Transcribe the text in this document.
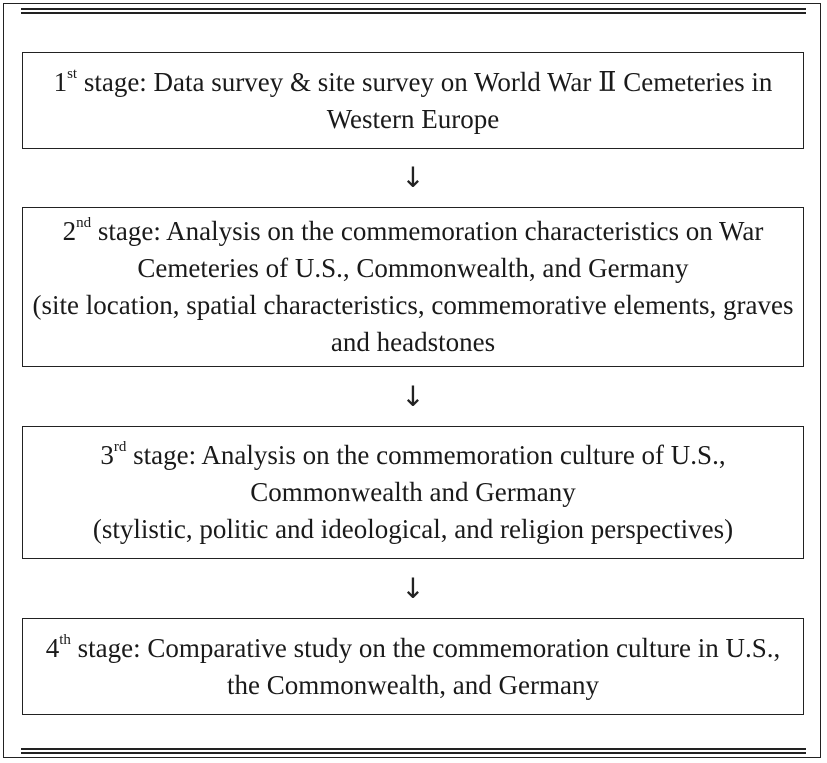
1st stage: Data survey & site survey on World War Ⅱ Cemeteries in
Western Europe
↓
2nd stage: Analysis on the commemoration characteristics on War
Cemeteries of U.S., Commonwealth, and Germany
(site location, spatial characteristics, commemorative elements, graves
and headstones
↓
3rd stage: Analysis on the commemoration culture of U.S.,
Commonwealth and Germany
(stylistic, politic and ideological, and religion perspectives)
↓
4th stage: Comparative study on the commemoration culture in U.S.,
the Commonwealth, and Germany
